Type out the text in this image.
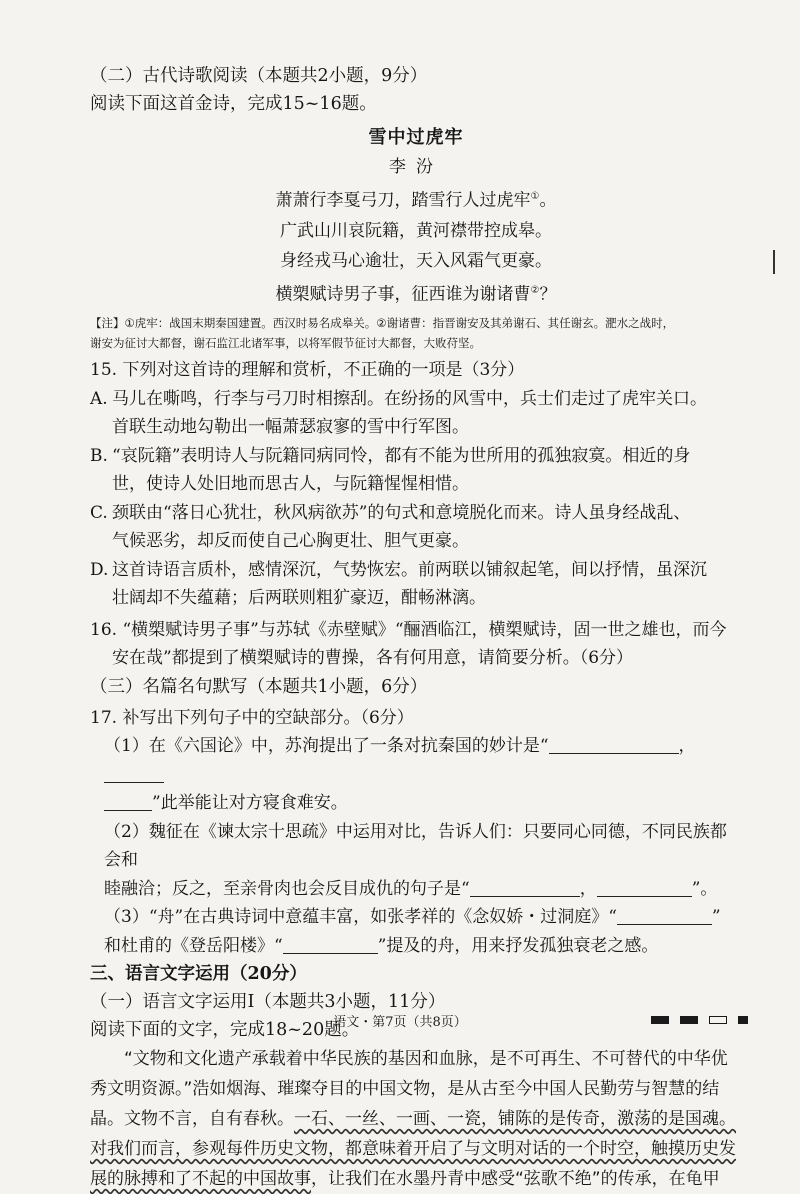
（二）古代诗歌阅读（本题共2小题，9分）
阅读下面这首金诗，完成15~16题。
雪中过虎牢
李汾
萧萧行李戛弓刀，踏雪行人过虎牢①。
广武山川哀阮籍，黄河襟带控成皋。
身经戎马心逾壮，天入风霜气更豪。
横槊赋诗男子事，征西谁为谢诸曹②？
【注】①虎牢：战国末期秦国建置。西汉时易名成皋关。②谢诸曹：指晋谢安及其弟谢石、其任谢玄。淝水之战时，
谢安为征讨大都督，谢石监江北诸军事，以将军假节征讨大都督，大败苻坚。
15. 下列对这首诗的理解和赏析，不正确的一项是（3分）
A. 马儿在嘶鸣，行李与弓刀时相擦刮。在纷扬的风雪中，兵士们走过了虎牢关口。
首联生动地勾勒出一幅萧瑟寂寥的雪中行军图。
B. “哀阮籍”表明诗人与阮籍同病同怜，都有不能为世所用的孤独寂寞。相近的身
世，使诗人处旧地而思古人，与阮籍惺惺相惜。
C. 颈联由“落日心犹壮，秋风病欲苏”的句式和意境脱化而来。诗人虽身经战乱、
气候恶劣，却反而使自己心胸更壮、胆气更豪。
D. 这首诗语言质朴，感情深沉，气势恢宏。前两联以铺叙起笔，间以抒情，虽深沉
壮阔却不失蕴藉；后两联则粗犷豪迈，酣畅淋漓。
16. “横槊赋诗男子事”与苏轼《赤壁赋》“酾酒临江，横槊赋诗，固一世之雄也，而今
安在哉”都提到了横槊赋诗的曹操，各有何用意，请简要分析。（6分）
（三）名篇名句默写（本题共1小题，6分）
17. 补写出下列句子中的空缺部分。（6分）
（1）在《六国论》中，苏洵提出了一条对抗秦国的妙计是“	，
”此举能让对方寝食难安。
（2）魏征在《谏太宗十思疏》中运用对比，告诉人们：只要同心同德，不同民族都会和
睦融洽；反之，至亲骨肉也会反目成仇的句子是“	，	”。
（3）“舟”在古典诗词中意蕴丰富，如张孝祥的《念奴娇・过洞庭》“	”
和杜甫的《登岳阳楼》“	”提及的舟，用来抒发孤独衰老之感。
三、语言文字运用（20分）
（一）语言文字运用Ⅰ（本题共3小题，11分）
阅读下面的文字，完成18~20题。
“文物和文化遗产承载着中华民族的基因和血脉，是不可再生、不可替代的中华优秀文明资源。”浩如烟海、璀璨夺目的中国文物，是从古至今中国人民勤劳与智慧的结晶。文物不言，自有春秋。一石、一丝、一画、一瓷，铺陈的是传奇，激荡的是国魂。对我们而言，参观每件历史文物，都意味着开启了与文明对话的一个时空，触摸历史发展的脉搏和了不起的中国故事，让我们在水墨丹青中感受“弦歌不绝”的传承，在龟甲
语文・第7页（共8页）
